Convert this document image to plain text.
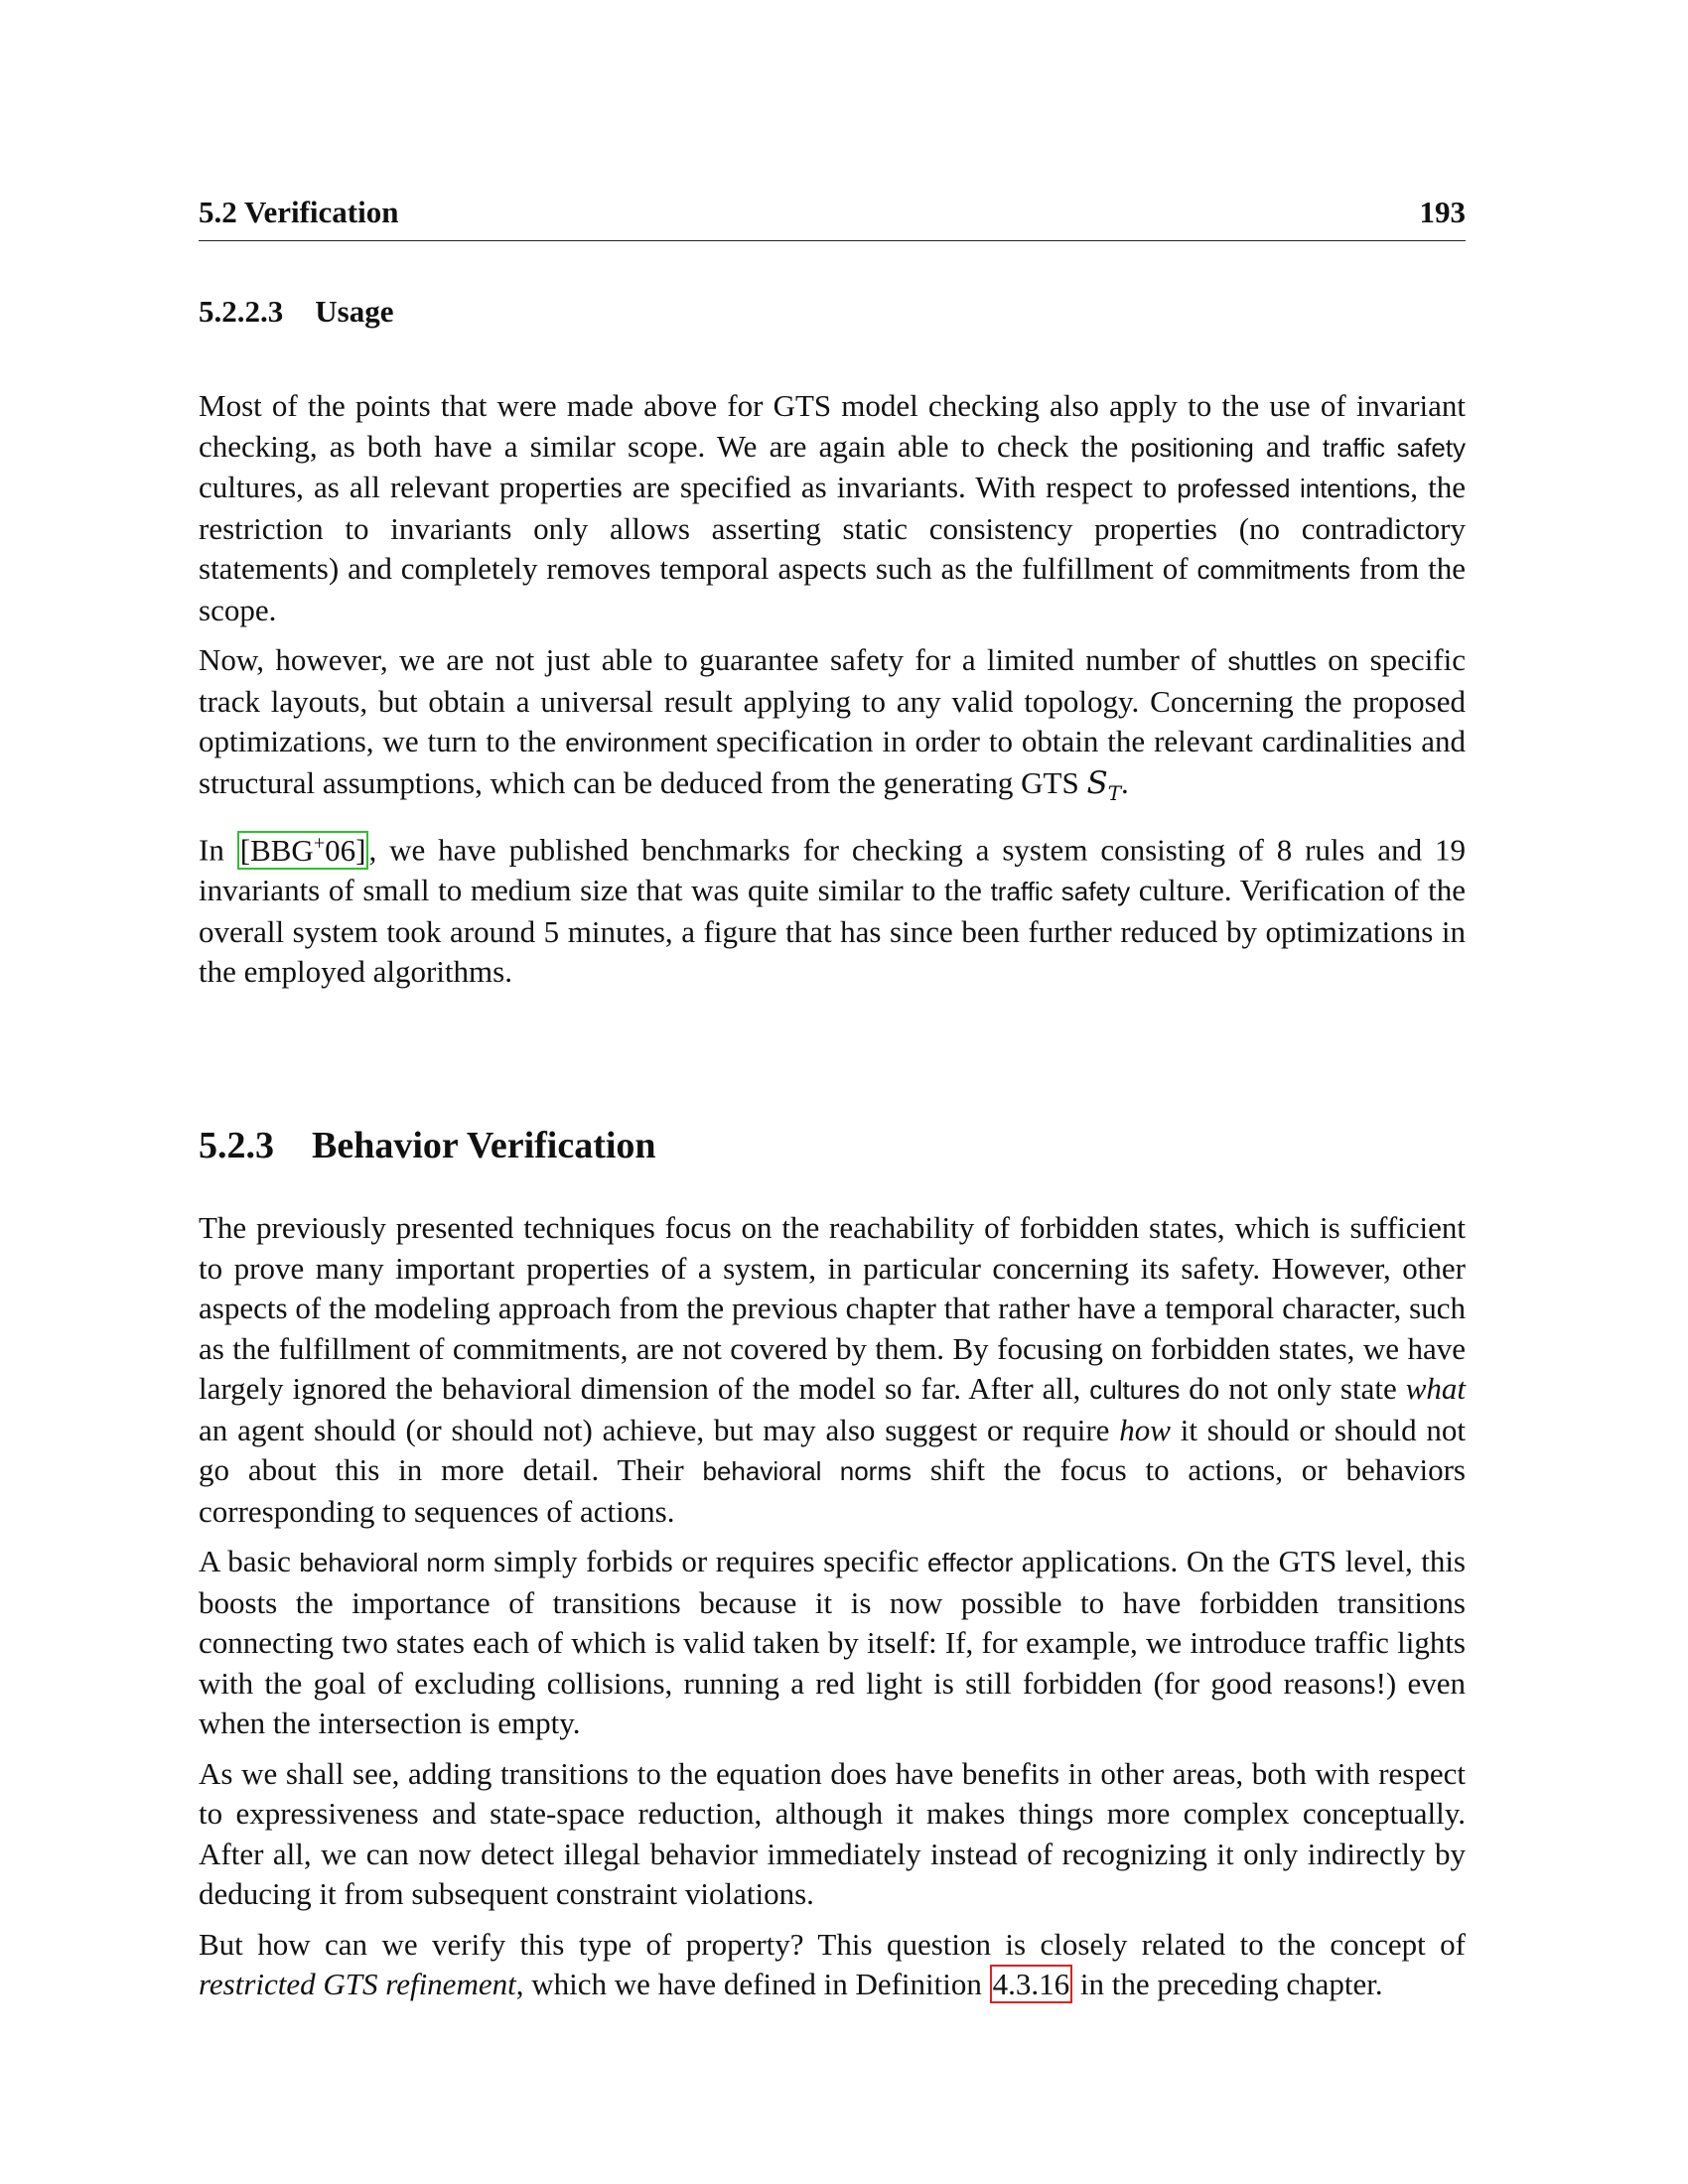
5.2 Verification	193
5.2.2.3 Usage

Most of the points that were made above for GTS model checking also apply to the use of invariant checking, as both have a similar scope. We are again able to check the positioning and traffic safety cultures, as all relevant properties are specified as invariants. With respect to professed intentions, the restriction to invariants only allows asserting static consistency properties (no contradictory statements) and completely removes temporal aspects such as the fulfillment of commitments from the scope.

Now, however, we are not just able to guarantee safety for a limited number of shuttles on specific track layouts, but obtain a universal result applying to any valid topology. Concerning the proposed optimizations, we turn to the environment specification in order to obtain the relevant cardinalities and structural assumptions, which can be deduced from the generating GTS $S_T$.

In [BBG+06], we have published benchmarks for checking a system consisting of 8 rules and 19 invariants of small to medium size that was quite similar to the traffic safety culture. Verification of the overall system took around 5 minutes, a figure that has since been further reduced by optimizations in the employed algorithms.

5.2.3 Behavior Verification

The previously presented techniques focus on the reachability of forbidden states, which is sufficient to prove many important properties of a system, in particular concerning its safety. However, other aspects of the modeling approach from the previous chapter that rather have a temporal character, such as the fulfillment of commitments, are not covered by them. By focusing on forbidden states, we have largely ignored the behavioral dimension of the model so far. After all, cultures do not only state what an agent should (or should not) achieve, but may also suggest or require how it should or should not go about this in more detail. Their behavioral norms shift the focus to actions, or behaviors corresponding to sequences of actions.

A basic behavioral norm simply forbids or requires specific effector applications. On the GTS level, this boosts the importance of transitions because it is now possible to have forbidden transitions connecting two states each of which is valid taken by itself: If, for example, we introduce traffic lights with the goal of excluding collisions, running a red light is still forbidden (for good reasons!) even when the intersection is empty.

As we shall see, adding transitions to the equation does have benefits in other areas, both with respect to expressiveness and state-space reduction, although it makes things more complex conceptually. After all, we can now detect illegal behavior immediately instead of recognizing it only indirectly by deducing it from subsequent constraint violations.

But how can we verify this type of property? This question is closely related to the concept of restricted GTS refinement, which we have defined in Definition 4.3.16 in the preceding chapter.
